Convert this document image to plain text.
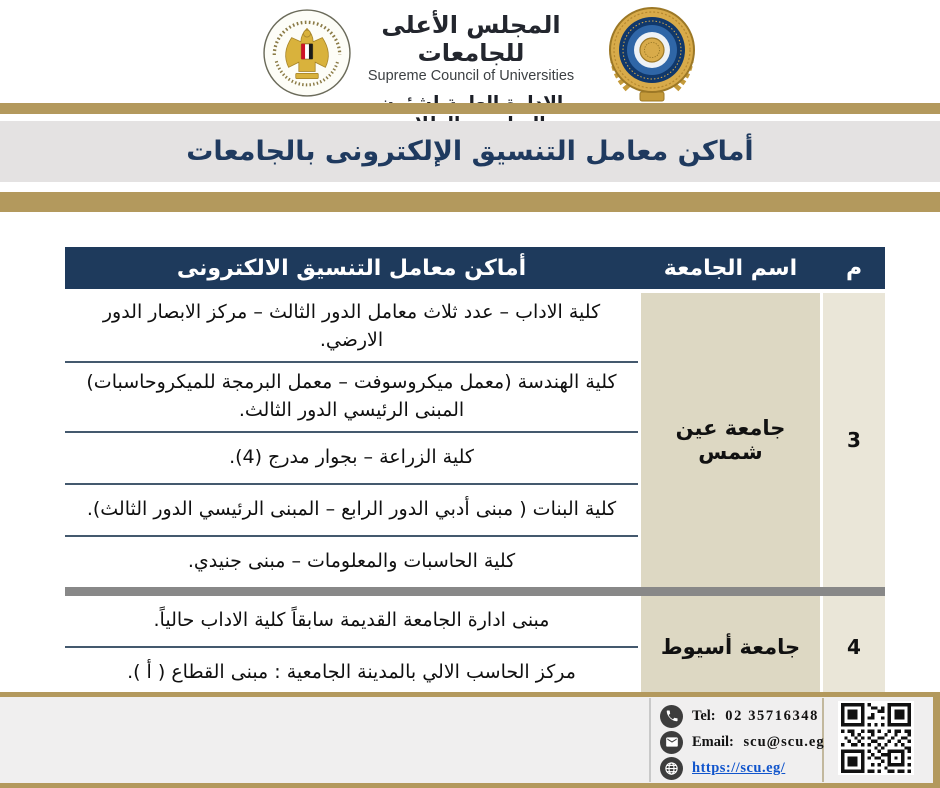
المجلس الأعلى للجامعات
Supreme Council of Universities
أماكن معامل التنسيق الإلكترونى بالجامعات
م	اسم الجامعة	أماكن معامل التنسيق الالكترونى
3	جامعة عين شمس	كلية الاداب – عدد ثلاث معامل الدور الثالث – مركز الابصار الدور الارضي.
		كلية الهندسة (معمل ميكروسوفت – معمل البرمجة للميكروحاسبات) المبنى الرئيسي الدور الثالث.
		كلية الزراعة – بجوار مدرج (4).
		كلية البنات ( مبنى أدبي الدور الرابع – المبنى الرئيسي الدور الثالث).
		كلية الحاسبات والمعلومات – مبنى جنيدي.

4	جامعة أسيوط	مبنى ادارة الجامعة القديمة سابقاً كلية الاداب حالياً.
		مركز الحاسب الالي بالمدينة الجامعية : مبنى القطاع ( أ ).

Tel: 02 35716348
Email: scu@scu.eg
https://scu.eg/
